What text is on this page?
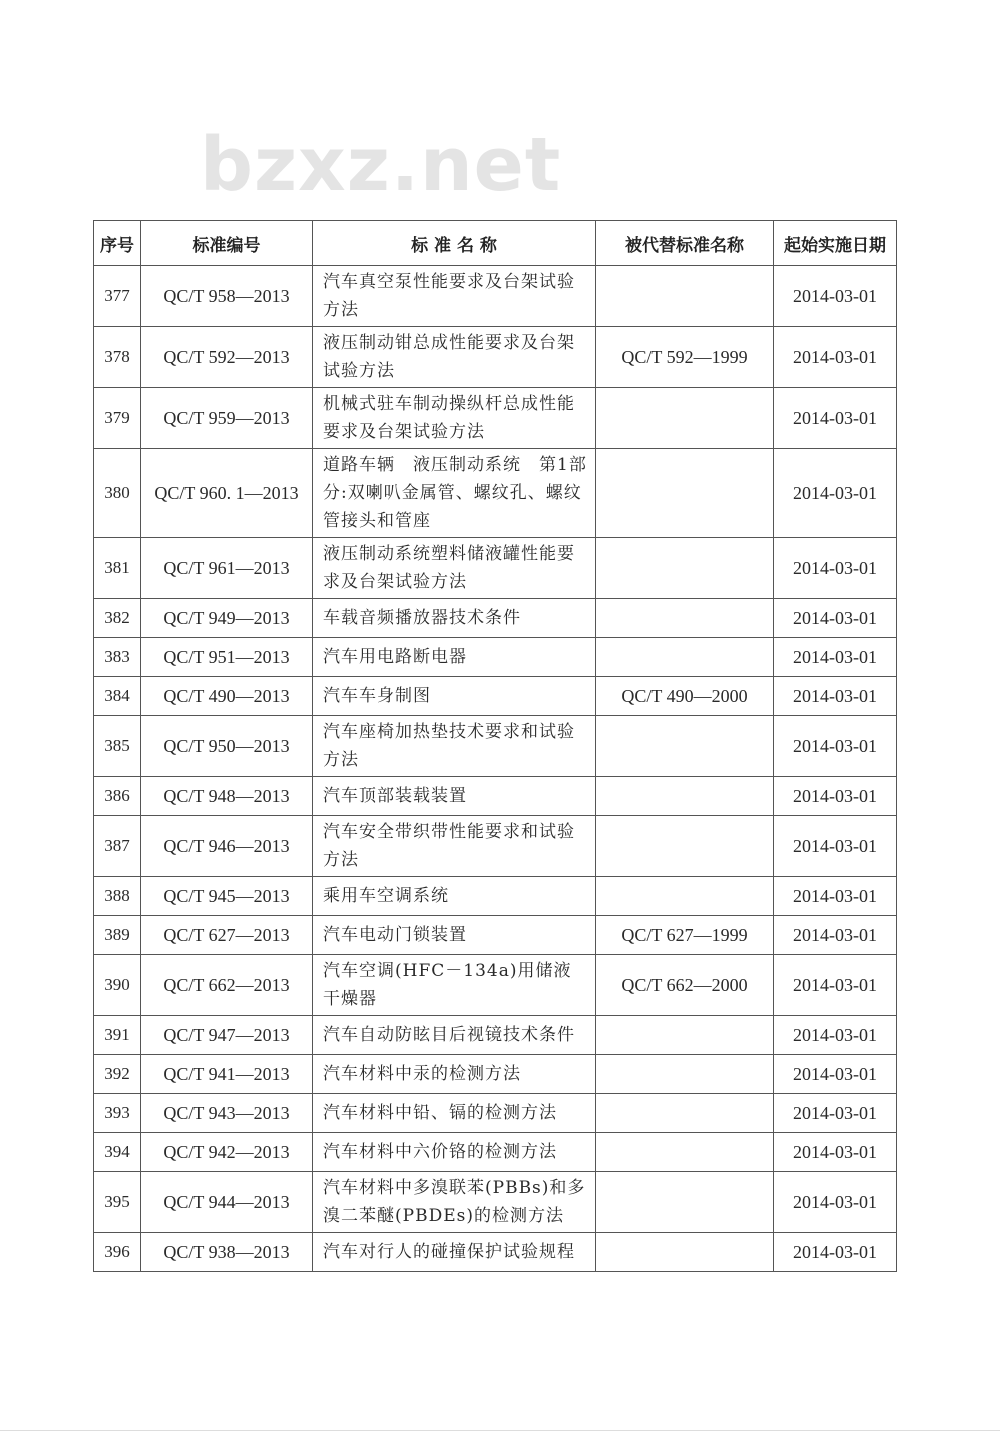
bzxz.net
序号	标准编号	标 准 名 称	被代替标准名称	起始实施日期
377	QC/T 958—2013	汽车真空泵性能要求及台架试验方法		2014-03-01
378	QC/T 592—2013	液压制动钳总成性能要求及台架试验方法	QC/T 592—1999	2014-03-01
379	QC/T 959—2013	机械式驻车制动操纵杆总成性能要求及台架试验方法		2014-03-01
380	QC/T 960. 1—2013	道路车辆　液压制动系统　第1部分:双喇叭金属管、螺纹孔、螺纹管接头和管座		2014-03-01
381	QC/T 961—2013	液压制动系统塑料储液罐性能要求及台架试验方法		2014-03-01
382	QC/T 949—2013	车载音频播放器技术条件		2014-03-01
383	QC/T 951—2013	汽车用电路断电器		2014-03-01
384	QC/T 490—2013	汽车车身制图	QC/T 490—2000	2014-03-01
385	QC/T 950—2013	汽车座椅加热垫技术要求和试验方法		2014-03-01
386	QC/T 948—2013	汽车顶部装载装置		2014-03-01
387	QC/T 946—2013	汽车安全带织带性能要求和试验方法		2014-03-01
388	QC/T 945—2013	乘用车空调系统		2014-03-01
389	QC/T 627—2013	汽车电动门锁装置	QC/T 627—1999	2014-03-01
390	QC/T 662—2013	汽车空调(HFC－134a)用储液干燥器	QC/T 662—2000	2014-03-01
391	QC/T 947—2013	汽车自动防眩目后视镜技术条件		2014-03-01
392	QC/T 941—2013	汽车材料中汞的检测方法		2014-03-01
393	QC/T 943—2013	汽车材料中铅、镉的检测方法		2014-03-01
394	QC/T 942—2013	汽车材料中六价铬的检测方法		2014-03-01
395	QC/T 944—2013	汽车材料中多溴联苯(PBBs)和多溴二苯醚(PBDEs)的检测方法		2014-03-01
396	QC/T 938—2013	汽车对行人的碰撞保护试验规程		2014-03-01
